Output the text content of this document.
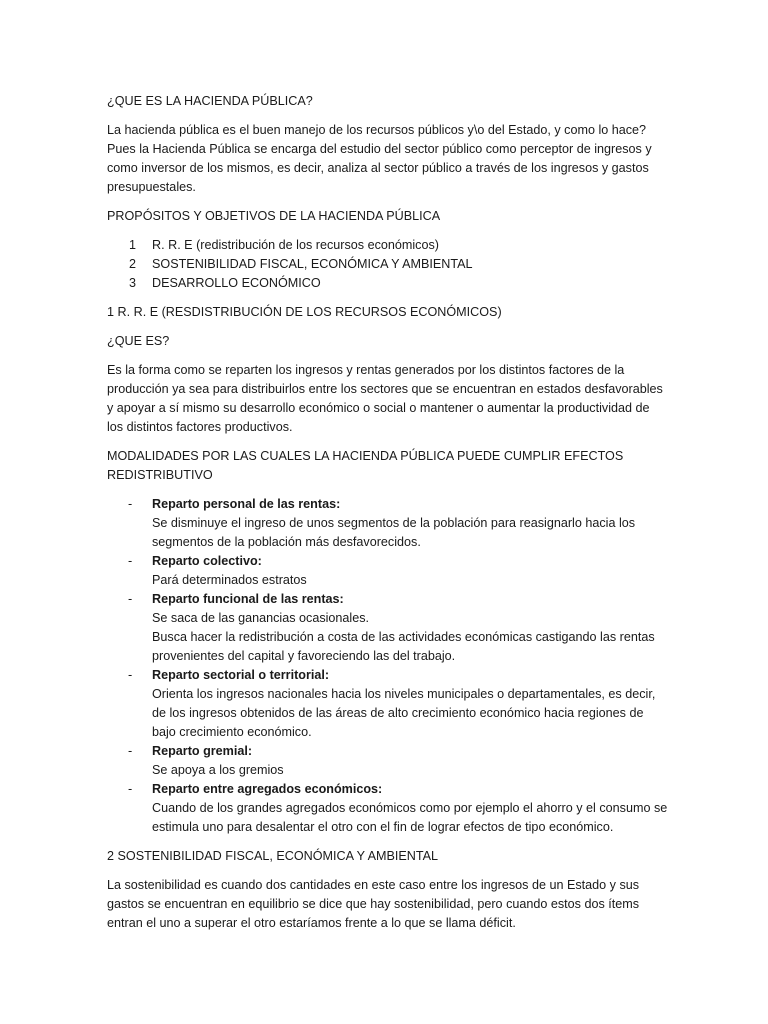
¿QUE ES LA HACIENDA PÚBLICA?

La hacienda pública es el buen manejo de los recursos públicos y\o del Estado, y como lo hace? Pues la Hacienda Pública se encarga del estudio del sector público como perceptor de ingresos y como inversor de los mismos, es decir, analiza al sector público a través de los ingresos y gastos presupuestales.

PROPÓSITOS Y OBJETIVOS DE LA HACIENDA PÚBLICA

1 R. R. E (redistribución de los recursos económicos)
2 SOSTENIBILIDAD FISCAL, ECONÓMICA Y AMBIENTAL
3 DESARROLLO ECONÓMICO

1 R. R. E (RESDISTRIBUCIÓN DE LOS RECURSOS ECONÓMICOS)

¿QUE ES?

Es la forma como se reparten los ingresos y rentas generados por los distintos factores de la producción ya sea para distribuirlos entre los sectores que se encuentran en estados desfavorables y apoyar a sí mismo su desarrollo económico o social o mantener o aumentar la productividad de los distintos factores productivos.

MODALIDADES POR LAS CUALES LA HACIENDA PÚBLICA PUEDE CUMPLIR EFECTOS REDISTRIBUTIVO

- Reparto personal de las rentas:
Se disminuye el ingreso de unos segmentos de la población para reasignarlo hacia los segmentos de la población más desfavorecidos.
- Reparto colectivo:
Pará determinados estratos
- Reparto funcional de las rentas:
Se saca de las ganancias ocasionales.
Busca hacer la redistribución a costa de las actividades económicas castigando las rentas provenientes del capital y favoreciendo las del trabajo.
- Reparto sectorial o territorial:
Orienta los ingresos nacionales hacia los niveles municipales o departamentales, es decir, de los ingresos obtenidos de las áreas de alto crecimiento económico hacia regiones de bajo crecimiento económico.
- Reparto gremial:
Se apoya a los gremios
- Reparto entre agregados económicos:
Cuando de los grandes agregados económicos como por ejemplo el ahorro y el consumo se estimula uno para desalentar el otro con el fin de lograr efectos de tipo económico.

2 SOSTENIBILIDAD FISCAL, ECONÓMICA Y AMBIENTAL

La sostenibilidad es cuando dos cantidades en este caso entre los ingresos de un Estado y sus gastos se encuentran en equilibrio se dice que hay sostenibilidad, pero cuando estos dos ítems entran el uno a superar el otro estaríamos frente a lo que se llama déficit.
